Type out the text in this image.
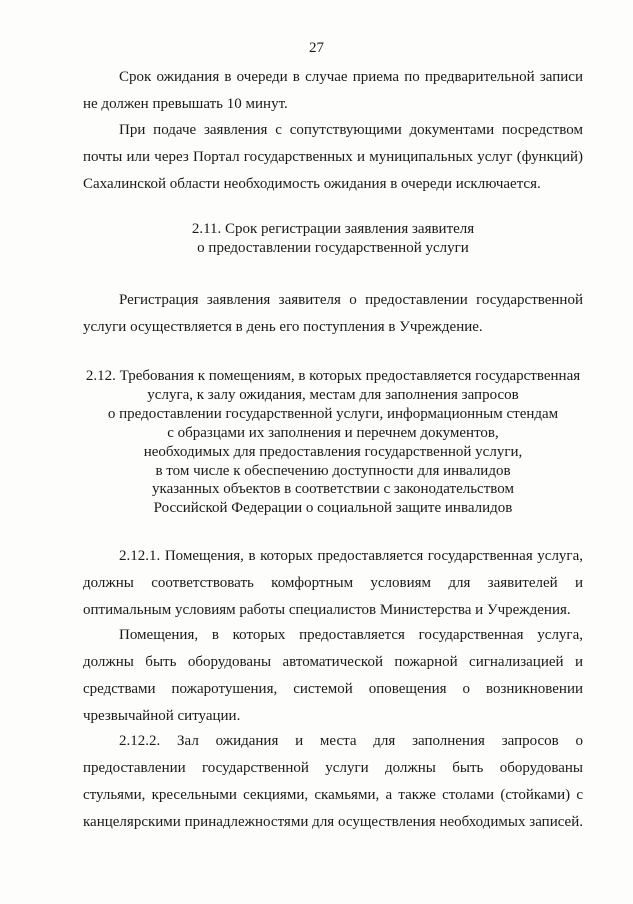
27
Срок ожидания в очереди в случае приема по предварительной записи
не должен превышать 10 минут.
При подаче заявления с сопутствующими документами посредством
почты или через Портал государственных и муниципальных услуг (функций)
Сахалинской области необходимость ожидания в очереди исключается.
2.11. Срок регистрации заявления заявителя
о предоставлении государственной услуги
Регистрация заявления заявителя о предоставлении государственной
услуги осуществляется в день его поступления в Учреждение.
2.12. Требования к помещениям, в которых предоставляется государственная
услуга, к залу ожидания, местам для заполнения запросов
о предоставлении государственной услуги, информационным стендам
с образцами их заполнения и перечнем документов,
необходимых для предоставления государственной услуги,
в том числе к обеспечению доступности для инвалидов
указанных объектов в соответствии с законодательством
Российской Федерации о социальной защите инвалидов
2.12.1. Помещения, в которых предоставляется государственная услуга,
должны соответствовать комфортным условиям для заявителей и
оптимальным условиям работы специалистов Министерства и Учреждения.
Помещения, в которых предоставляется государственная услуга,
должны быть оборудованы автоматической пожарной сигнализацией и
средствами пожаротушения, системой оповещения о возникновении
чрезвычайной ситуации.
2.12.2. Зал ожидания и места для заполнения запросов о
предоставлении государственной услуги должны быть оборудованы
стульями, кресельными секциями, скамьями, а также столами (стойками) с
канцелярскими принадлежностями для осуществления необходимых записей.
